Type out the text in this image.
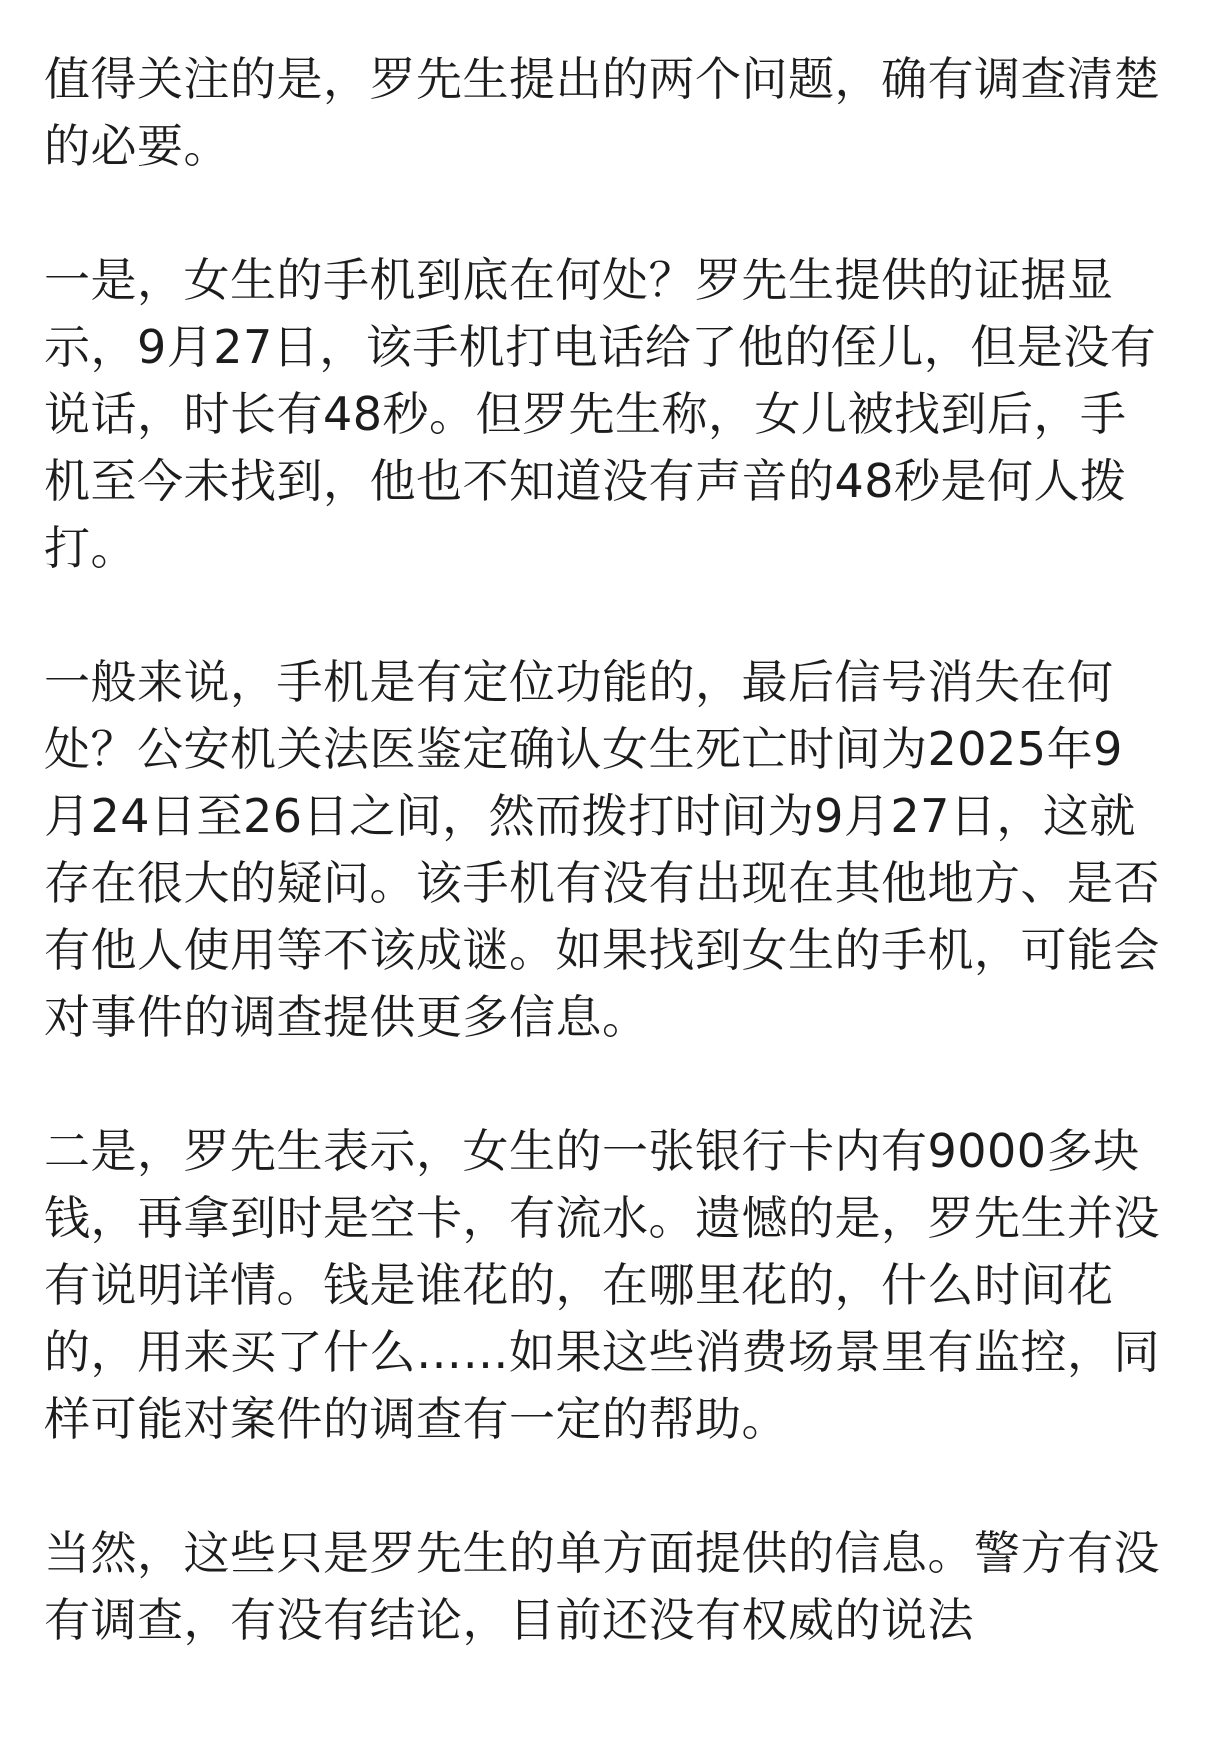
值得关注的是，罗先生提出的两个问题，确有调查清楚的必要。

一是，女生的手机到底在何处？罗先生提供的证据显示，9月27日，该手机打电话给了他的侄儿，但是没有说话，时长有48秒。但罗先生称，女儿被找到后，手机至今未找到，他也不知道没有声音的48秒是何人拨打。

一般来说，手机是有定位功能的，最后信号消失在何处？公安机关法医鉴定确认女生死亡时间为2025年9月24日至26日之间，然而拨打时间为9月27日，这就存在很大的疑问。该手机有没有出现在其他地方、是否有他人使用等不该成谜。如果找到女生的手机，可能会对事件的调查提供更多信息。

二是，罗先生表示，女生的一张银行卡内有9000多块钱，再拿到时是空卡，有流水。遗憾的是，罗先生并没有说明详情。钱是谁花的，在哪里花的，什么时间花的，用来买了什么……如果这些消费场景里有监控，同样可能对案件的调查有一定的帮助。

当然，这些只是罗先生的单方面提供的信息。警方有没有调查，有没有结论，目前还没有权威的说法
